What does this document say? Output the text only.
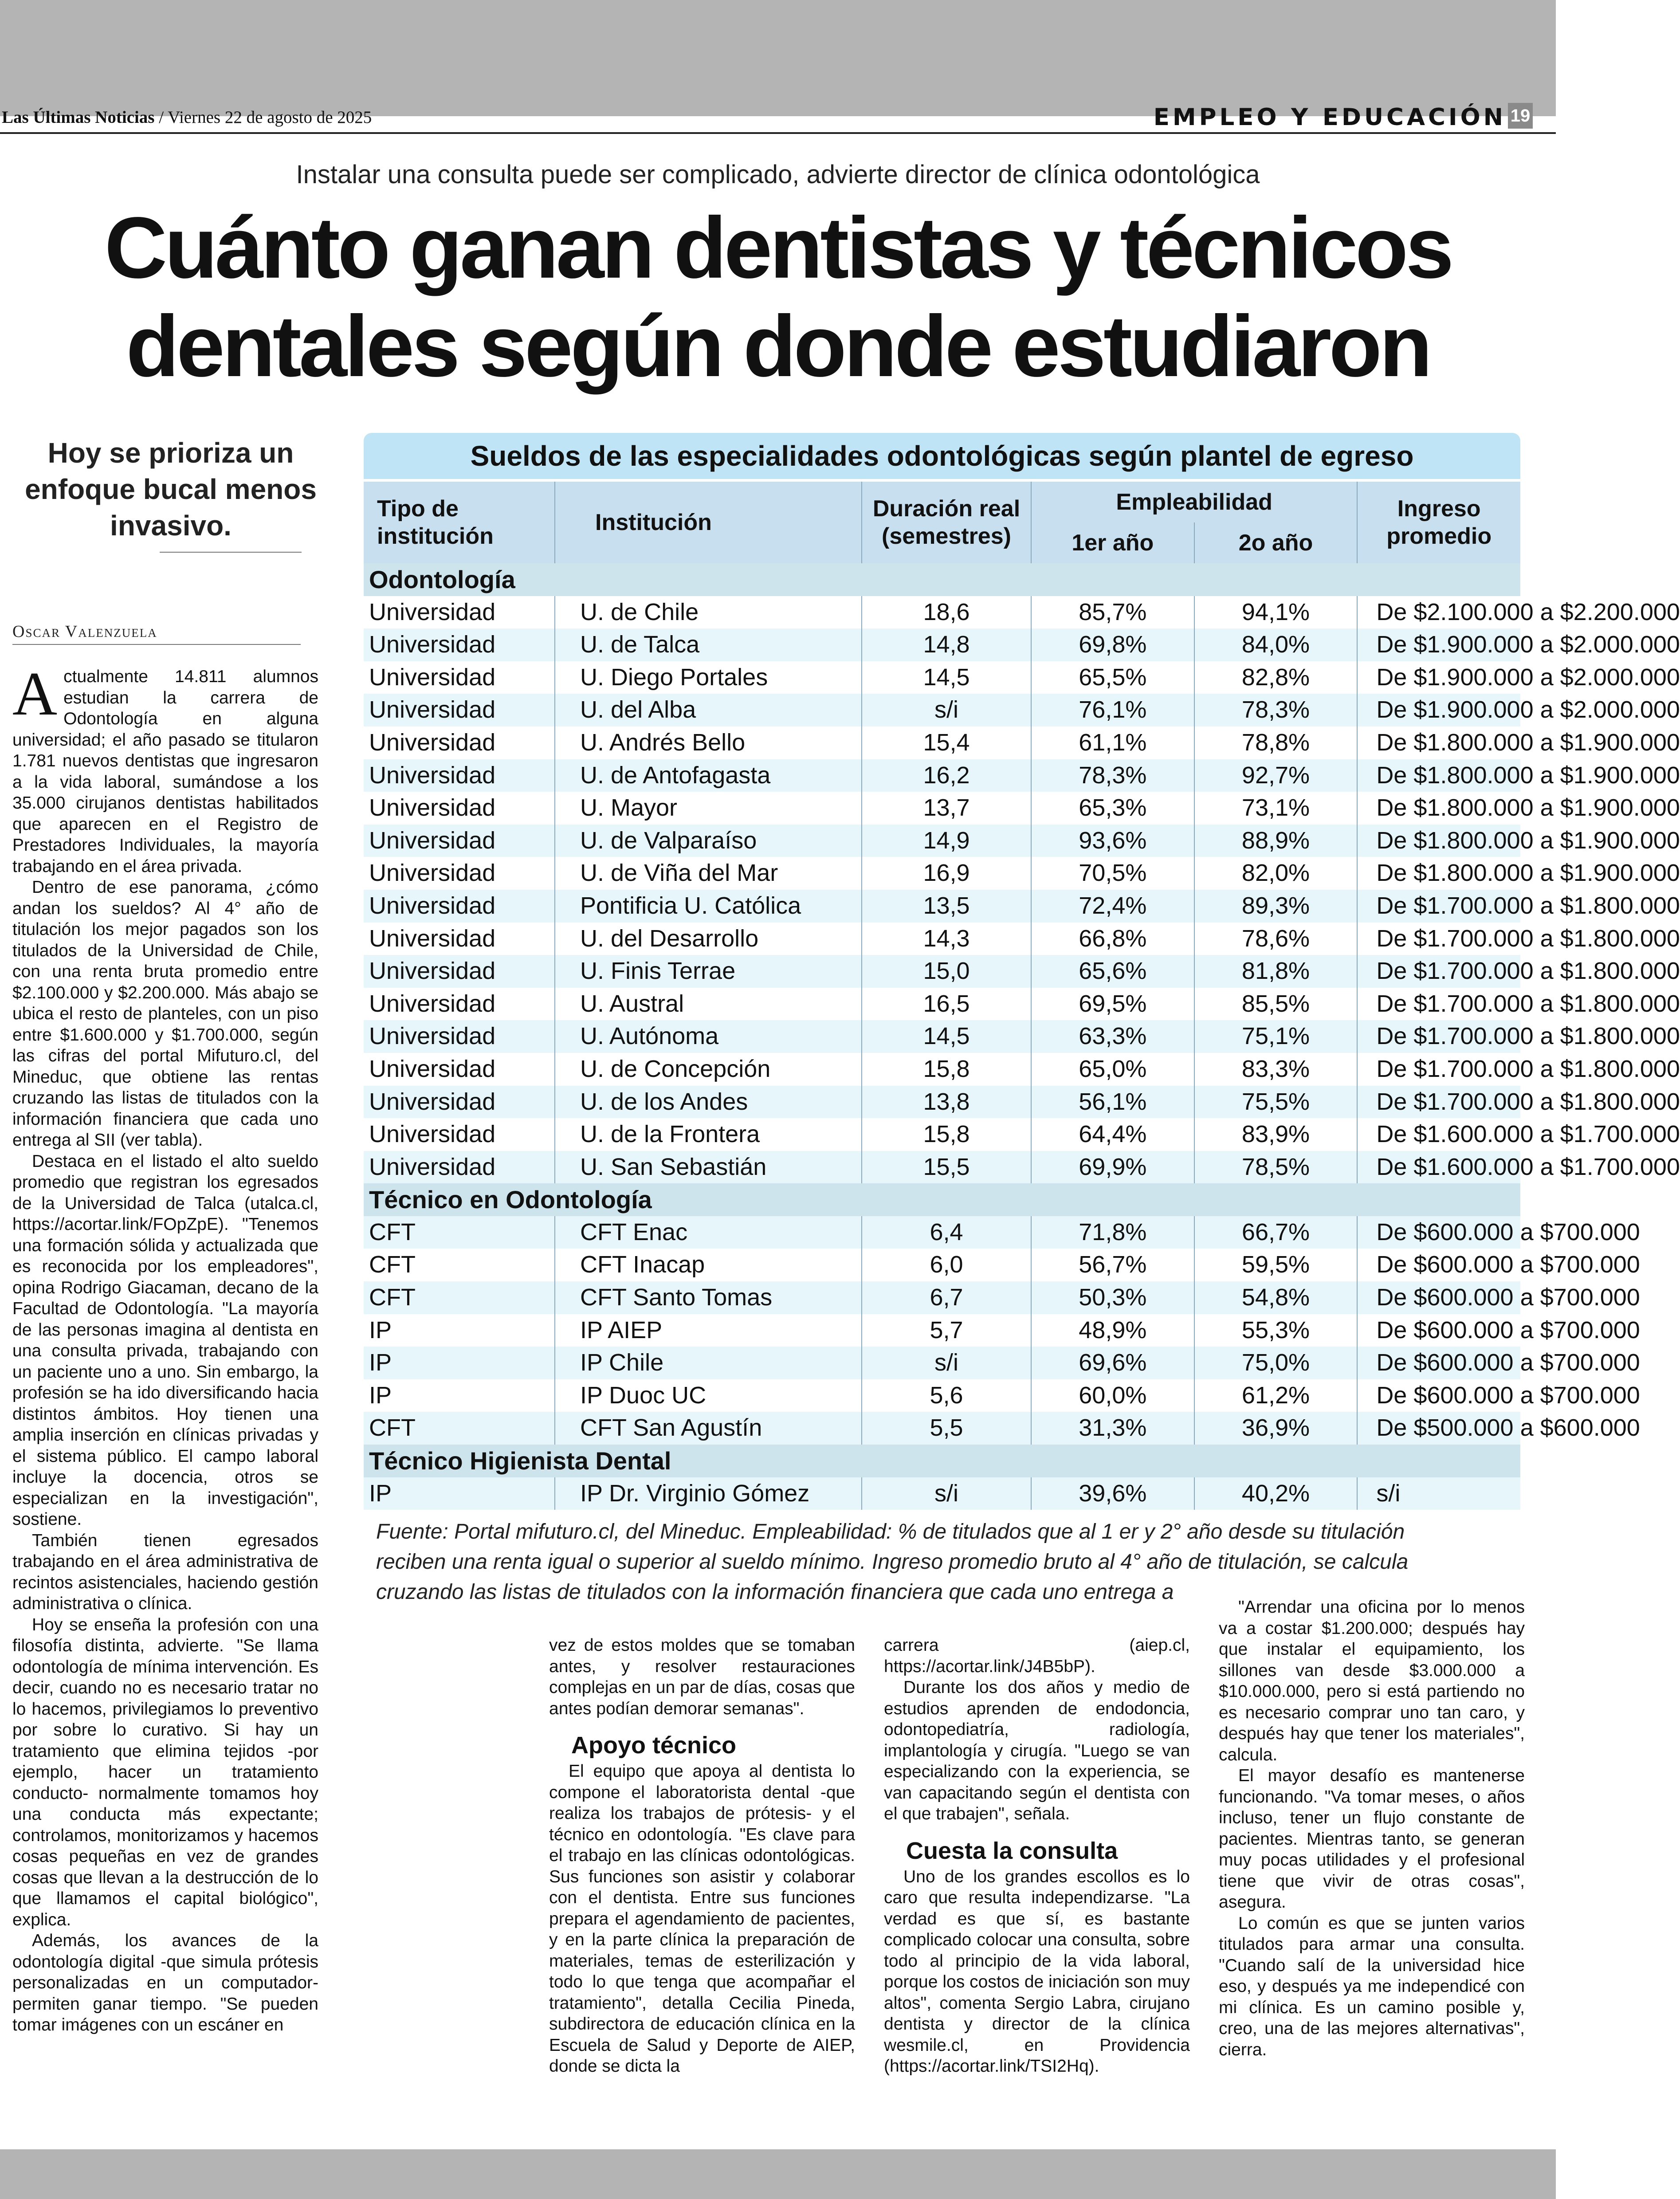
Las Últimas Noticias / Viernes 22 de agosto de 2025	EMPLEO Y EDUCACIÓN 19
Instalar una consulta puede ser complicado, advierte director de clínica odontológica
Cuánto ganan dentistas y técnicos
dentales según donde estudiaron
Hoy se prioriza un enfoque bucal menos invasivo.
Oscar Valenzuela

Actualmente 14.811 alumnos estudian la carrera de Odontología en alguna universidad; el año pasado se titularon 1.781 nuevos dentistas que ingresaron a la vida laboral, sumándose a los 35.000 cirujanos dentistas habilitados que aparecen en el Registro de Prestadores Individuales, la mayoría trabajando en el área privada.

Dentro de ese panorama, ¿cómo andan los sueldos? Al 4° año de titulación los mejor pagados son los titulados de la Universidad de Chile, con una renta bruta promedio entre $2.100.000 y $2.200.000. Más abajo se ubica el resto de planteles, con un piso entre $1.600.000 y $1.700.000, según las cifras del portal Mifuturo.cl, del Mineduc, que obtiene las rentas cruzando las listas de titulados con la información financiera que cada uno entrega al SII (ver tabla).

Destaca en el listado el alto sueldo promedio que registran los egresados de la Universidad de Talca (utalca.cl, https://acortar.link/FOpZpE). "Tenemos una formación sólida y actualizada que es reconocida por los empleadores", opina Rodrigo Giacaman, decano de la Facultad de Odontología. "La mayoría de las personas imagina al dentista en una consulta privada, trabajando con un paciente uno a uno. Sin embargo, la profesión se ha ido diversificando hacia distintos ámbitos. Hoy tienen una amplia inserción en clínicas privadas y el sistema público. El campo laboral incluye la docencia, otros se especializan en la investigación", sostiene.

También tienen egresados trabajando en el área administrativa de recintos asistenciales, haciendo gestión administrativa o clínica.

Hoy se enseña la profesión con una filosofía distinta, advierte. "Se llama odontología de mínima intervención. Es decir, cuando no es necesario tratar no lo hacemos, privilegiamos lo preventivo por sobre lo curativo. Si hay un tratamiento que elimina tejidos -por ejemplo, hacer un tratamiento conducto- normalmente tomamos hoy una conducta más expectante; controlamos, monitorizamos y hacemos cosas pequeñas en vez de grandes cosas que llevan a la destrucción de lo que llamamos el capital biológico", explica.

Además, los avances de la odontología digital -que simula prótesis personalizadas en un computador- permiten ganar tiempo. "Se pueden tomar imágenes con un escáner en

Sueldos de las especialidades odontológicas según plantel de egreso
Tipo de institución	Institución	Duración real (semestres)	Empleabilidad		Ingreso promedio
			1er año	2o año	
Odontología					
Universidad	U. de Chile	18,6	85,7%	94,1%	De $2.100.000 a $2.200.000
Universidad	U. de Talca	14,8	69,8%	84,0%	De $1.900.000 a $2.000.000
Universidad	U. Diego Portales	14,5	65,5%	82,8%	De $1.900.000 a $2.000.000
Universidad	U. del Alba	s/i	76,1%	78,3%	De $1.900.000 a $2.000.000
Universidad	U. Andrés Bello	15,4	61,1%	78,8%	De $1.800.000 a $1.900.000
Universidad	U. de Antofagasta	16,2	78,3%	92,7%	De $1.800.000 a $1.900.000
Universidad	U. Mayor	13,7	65,3%	73,1%	De $1.800.000 a $1.900.000
Universidad	U. de Valparaíso	14,9	93,6%	88,9%	De $1.800.000 a $1.900.000
Universidad	U. de Viña del Mar	16,9	70,5%	82,0%	De $1.800.000 a $1.900.000
Universidad	Pontificia U. Católica	13,5	72,4%	89,3%	De $1.700.000 a $1.800.000
Universidad	U. del Desarrollo	14,3	66,8%	78,6%	De $1.700.000 a $1.800.000
Universidad	U. Finis Terrae	15,0	65,6%	81,8%	De $1.700.000 a $1.800.000
Universidad	U. Austral	16,5	69,5%	85,5%	De $1.700.000 a $1.800.000
Universidad	U. Autónoma	14,5	63,3%	75,1%	De $1.700.000 a $1.800.000
Universidad	U. de Concepción	15,8	65,0%	83,3%	De $1.700.000 a $1.800.000
Universidad	U. de los Andes	13,8	56,1%	75,5%	De $1.700.000 a $1.800.000
Universidad	U. de la Frontera	15,8	64,4%	83,9%	De $1.600.000 a $1.700.000
Universidad	U. San Sebastián	15,5	69,9%	78,5%	De $1.600.000 a $1.700.000
Técnico en Odontología					
CFT	CFT Enac	6,4	71,8%	66,7%	De $600.000 a $700.000
CFT	CFT Inacap	6,0	56,7%	59,5%	De $600.000 a $700.000
CFT	CFT Santo Tomas	6,7	50,3%	54,8%	De $600.000 a $700.000
IP	IP AIEP	5,7	48,9%	55,3%	De $600.000 a $700.000
IP	IP Chile	s/i	69,6%	75,0%	De $600.000 a $700.000
IP	IP Duoc UC	5,6	60,0%	61,2%	De $600.000 a $700.000
CFT	CFT San Agustín	5,5	31,3%	36,9%	De $500.000 a $600.000
Técnico Higienista Dental					
IP	IP Dr. Virginio Gómez	s/i	39,6%	40,2%	s/i
Fuente: Portal mifuturo.cl, del Mineduc. Empleabilidad: % de titulados que al 1 er y 2° año desde su titulación reciben una renta igual o superior al sueldo mínimo. Ingreso promedio bruto al 4° año de titulación, se calcula cruzando las listas de titulados con la información financiera que cada uno entrega a

vez de estos moldes que se tomaban antes, y resolver restauraciones complejas en un par de días, cosas que antes podían demorar semanas".

Apoyo técnico

El equipo que apoya al dentista lo compone el laboratorista dental -que realiza los trabajos de prótesis- y el técnico en odontología. "Es clave para el trabajo en las clínicas odontológicas. Sus funciones son asistir y colaborar con el dentista. Entre sus funciones prepara el agendamiento de pacientes, y en la parte clínica la preparación de materiales, temas de esterilización y todo lo que tenga que acompañar el tratamiento", detalla Cecilia Pineda, subdirectora de educación clínica en la Escuela de Salud y Deporte de AIEP, donde se dicta la

carrera (aiep.cl, https://acortar.link/J4B5bP).

Durante los dos años y medio de estudios aprenden de endodoncia, odontopediatría, radiología, implantología y cirugía. "Luego se van especializando con la experiencia, se van capacitando según el dentista con el que trabajen", señala.

Cuesta la consulta

Uno de los grandes escollos es lo caro que resulta independizarse. "La verdad es que sí, es bastante complicado colocar una consulta, sobre todo al principio de la vida laboral, porque los costos de iniciación son muy altos", comenta Sergio Labra, cirujano dentista y director de la clínica wesmile.cl, en Providencia (https://acortar.link/TSI2Hq).

"Arrendar una oficina por lo menos va a costar $1.200.000; después hay que instalar el equipamiento, los sillones van desde $3.000.000 a $10.000.000, pero si está partiendo no es necesario comprar uno tan caro, y después hay que tener los materiales", calcula.

El mayor desafío es mantenerse funcionando. "Va tomar meses, o años incluso, tener un flujo constante de pacientes. Mientras tanto, se generan muy pocas utilidades y el profesional tiene que vivir de otras cosas", asegura.

Lo común es que se junten varios titulados para armar una consulta. "Cuando salí de la universidad hice eso, y después ya me independicé con mi clínica. Es un camino posible y, creo, una de las mejores alternativas", cierra.
